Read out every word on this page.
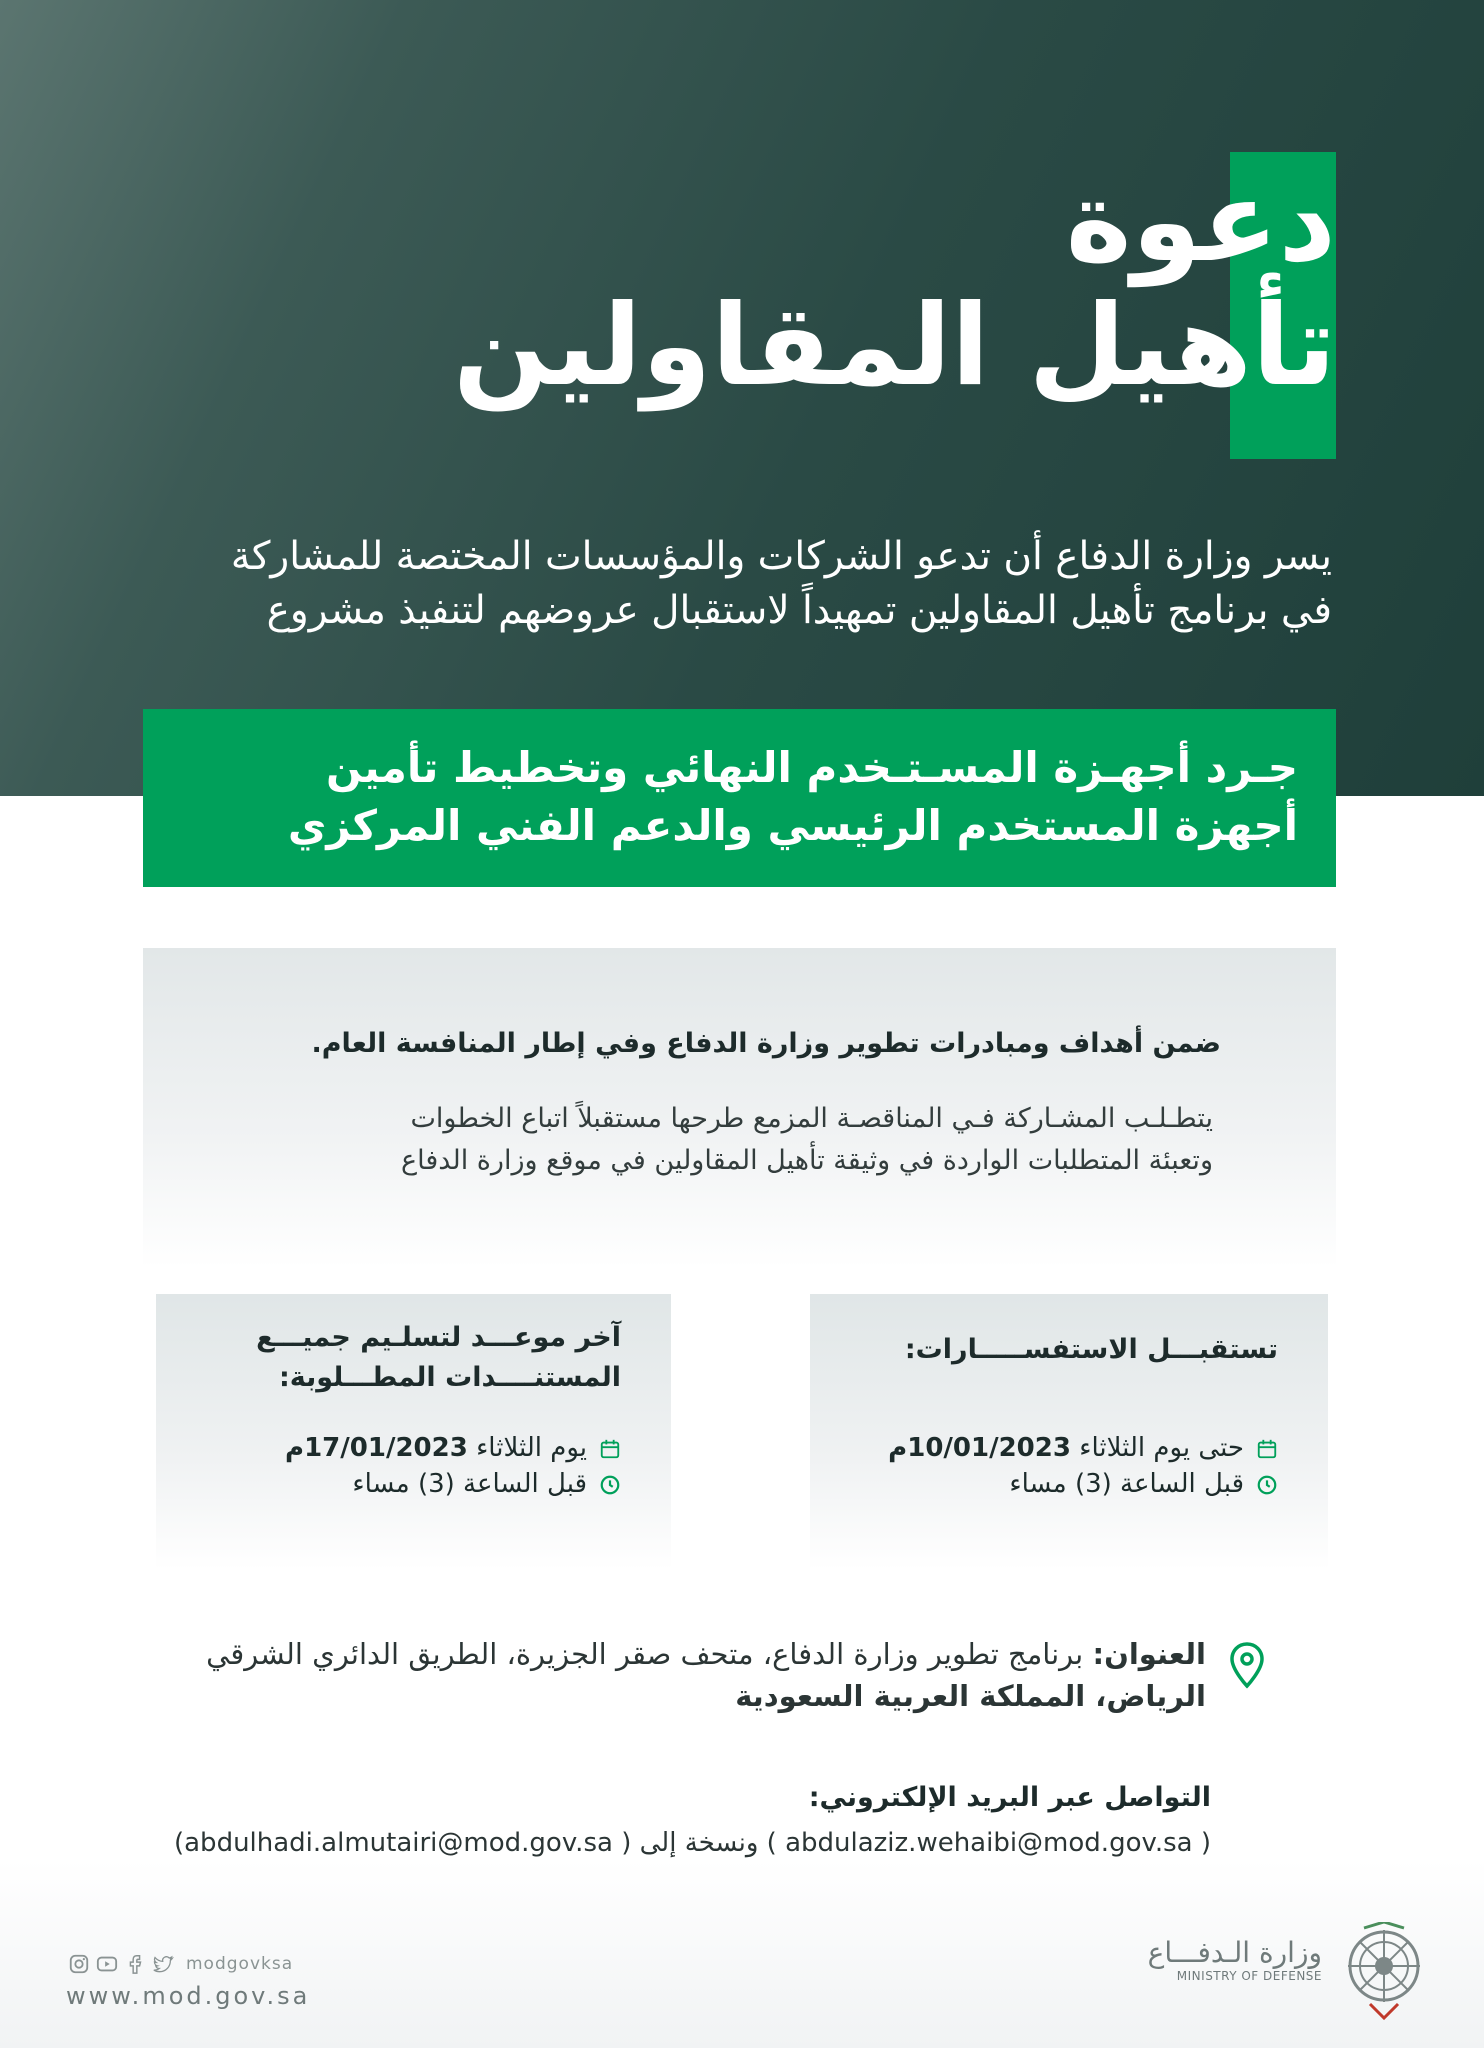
دعوة
تأهيل المقاولين
يسر وزارة الدفاع أن تدعو الشركات والمؤسسات المختصة للمشاركة
في برنامج تأهيل المقاولين تمهيداً لاستقبال عروضهم لتنفيذ مشروع
جـرد أجهـزة المسـتـخدم النهائي وتخطيط تأمين
أجهزة المستخدم الرئيسي والدعم الفني المركزي
ضمن أهداف ومبادرات تطوير وزارة الدفاع وفي إطار المنافسة العام.
يتطـلـب المشـاركة فـي المناقصـة المزمع طرحها مستقبلاً اتباع الخطوات
وتعبئة المتطلبات الواردة في وثيقة تأهيل المقاولين في موقع وزارة الدفاع
آخر موعـــد لتسلـيم جميـــع
المستنــــدات المطـــلوبة:
يوم الثلاثاء 17/01/2023م
قبل الساعة (3) مساء
تستقبـــل الاستفســـــارات:
حتى يوم الثلاثاء 10/01/2023م
قبل الساعة (3) مساء
العنوان: برنامج تطوير وزارة الدفاع، متحف صقر الجزيرة، الطريق الدائري الشرقي
الرياض، المملكة العربية السعودية
التواصل عبر البريد الإلكتروني:
( abdulaziz.wehaibi@mod.gov.sa ) ونسخة إلى (abdulhadi.almutairi@mod.gov.sa )
modgovksa
www.mod.gov.sa
وزارة الـدفـــاع
MINISTRY OF DEFENSE
